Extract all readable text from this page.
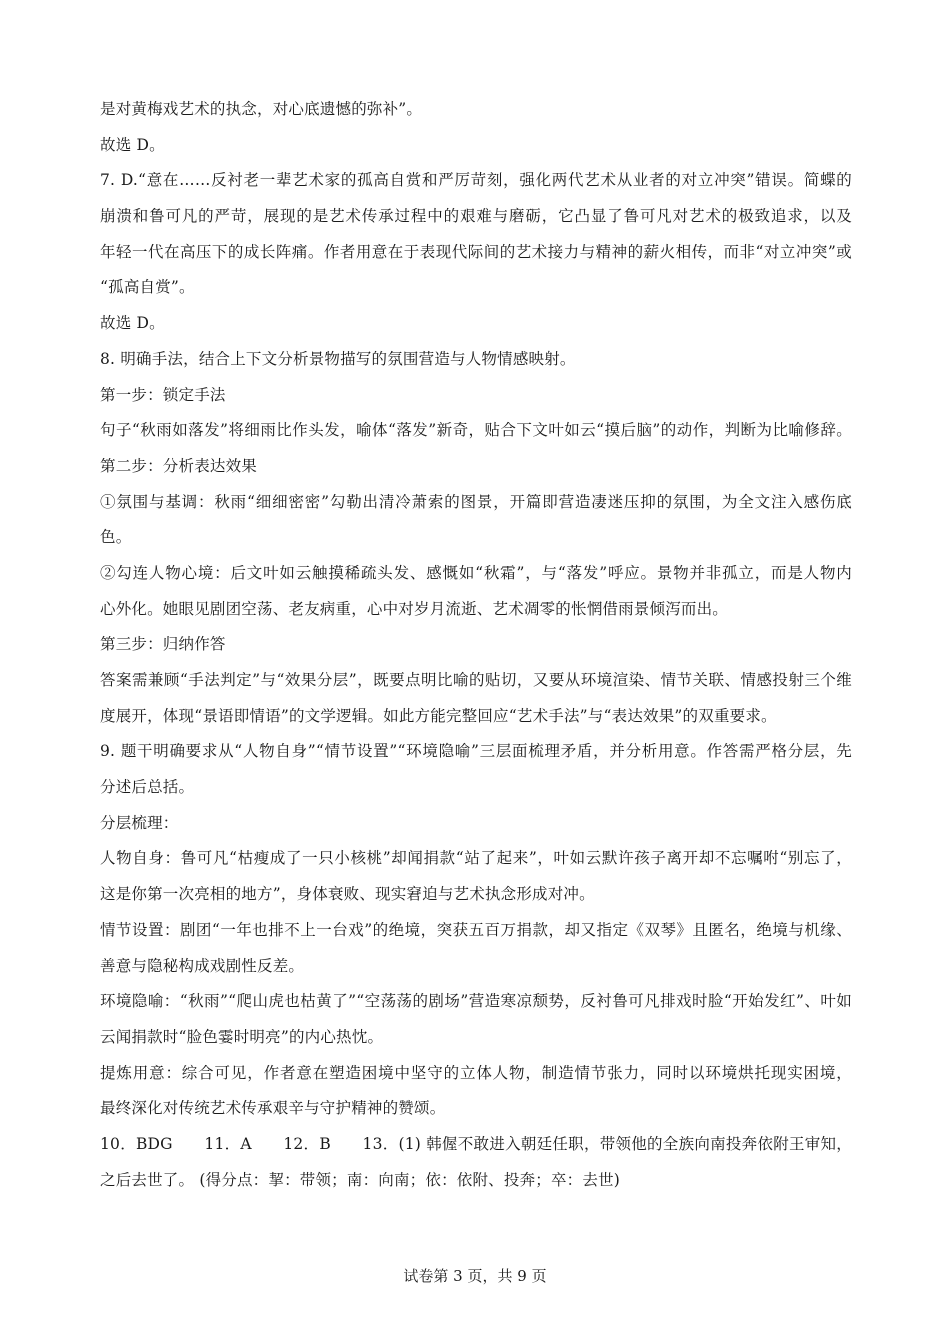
是对黄梅戏艺术的执念，对心底遗憾的弥补”。
故选 D。
7. D.“意在……反衬老一辈艺术家的孤高自赏和严厉苛刻，强化两代艺术从业者的对立冲突”错误。简蝶的
崩溃和鲁可凡的严苛，展现的是艺术传承过程中的艰难与磨砺，它凸显了鲁可凡对艺术的极致追求，以及
年轻一代在高压下的成长阵痛。作者用意在于表现代际间的艺术接力与精神的薪火相传，而非“对立冲突”或
“孤高自赏”。
故选 D。
8. 明确手法，结合上下文分析景物描写的氛围营造与人物情感映射。
第一步：锁定手法
句子“秋雨如落发”将细雨比作头发，喻体“落发”新奇，贴合下文叶如云“摸后脑”的动作，判断为比喻修辞。
第二步：分析表达效果
①氛围与基调：秋雨“细细密密”勾勒出清冷萧索的图景，开篇即营造凄迷压抑的氛围，为全文注入感伤底
色。
②勾连人物心境：后文叶如云触摸稀疏头发、感慨如“秋霜”，与“落发”呼应。景物并非孤立，而是人物内
心外化。她眼见剧团空荡、老友病重，心中对岁月流逝、艺术凋零的怅惘借雨景倾泻而出。
第三步：归纳作答
答案需兼顾“手法判定”与“效果分层”，既要点明比喻的贴切，又要从环境渲染、情节关联、情感投射三个维
度展开，体现“景语即情语”的文学逻辑。如此方能完整回应“艺术手法”与“表达效果”的双重要求。
9. 题干明确要求从“人物自身”“情节设置”“环境隐喻”三层面梳理矛盾，并分析用意。作答需严格分层，先
分述后总括。
分层梳理：
人物自身：鲁可凡“枯瘦成了一只小核桃”却闻捐款“站了起来”，叶如云默许孩子离开却不忘嘱咐“别忘了，
这是你第一次亮相的地方”，身体衰败、现实窘迫与艺术执念形成对冲。
情节设置：剧团“一年也排不上一台戏”的绝境，突获五百万捐款，却又指定《双琴》且匿名，绝境与机缘、
善意与隐秘构成戏剧性反差。
环境隐喻：“秋雨”“爬山虎也枯黄了”“空荡荡的剧场”营造寒凉颓势，反衬鲁可凡排戏时脸“开始发红”、叶如
云闻捐款时“脸色霎时明亮”的内心热忱。
提炼用意：综合可见，作者意在塑造困境中坚守的立体人物，制造情节张力，同时以环境烘托现实困境，
最终深化对传统艺术传承艰辛与守护精神的赞颂。
10．BDG　　11．A　　12．B　　13．(1) 韩偓不敢进入朝廷任职，带领他的全族向南投奔依附王审知，
之后去世了。 (得分点：挈：带领；南：向南；依：依附、投奔；卒：去世)
试卷第 3 页，共 9 页
